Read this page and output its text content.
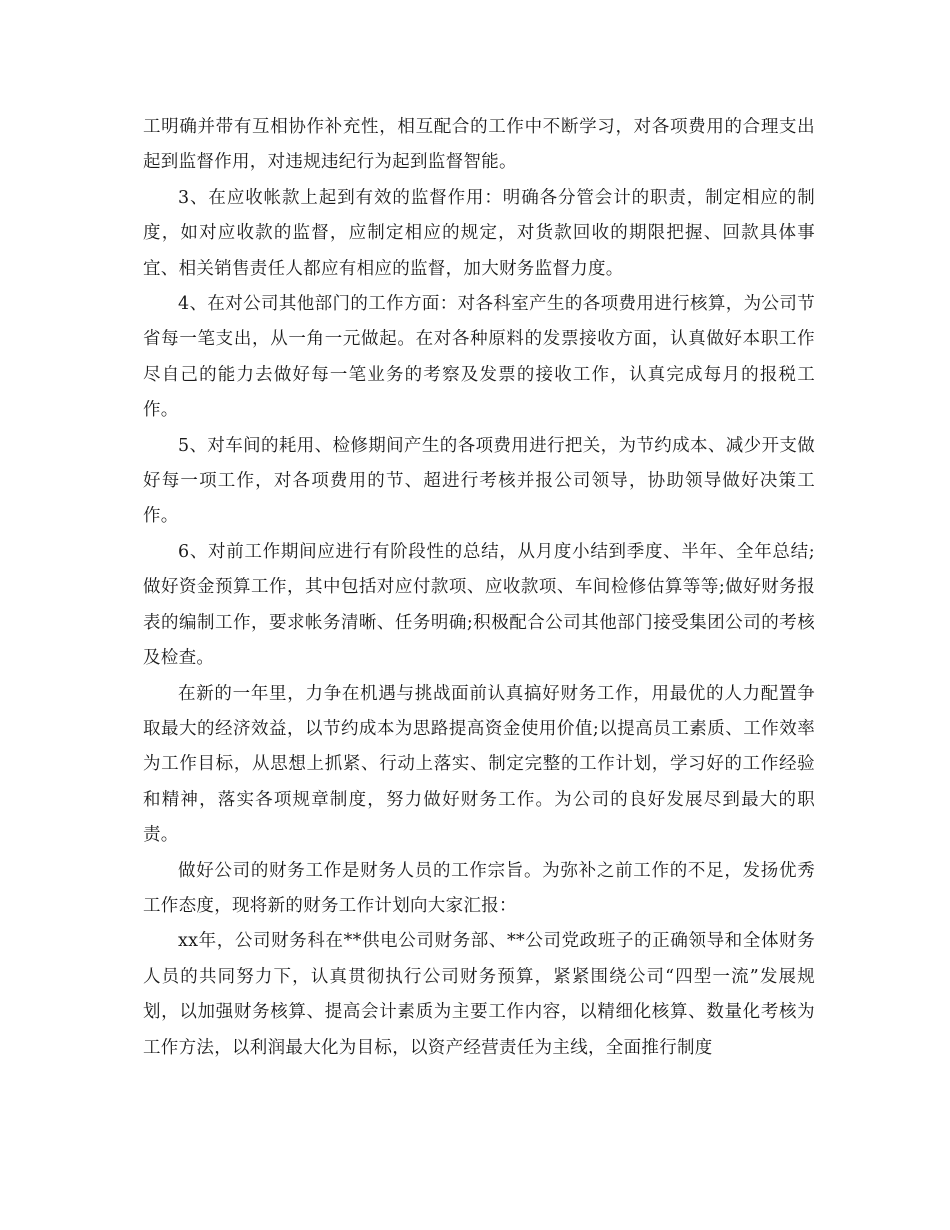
工明确并带有互相协作补充性，相互配合的工作中不断学习，对各项费用的合理支出起到监督作用，对违规违纪行为起到监督智能。

3、在应收帐款上起到有效的监督作用：明确各分管会计的职责，制定相应的制度，如对应收款的监督，应制定相应的规定，对货款回收的期限把握、回款具体事宜、相关销售责任人都应有相应的监督，加大财务监督力度。

4、在对公司其他部门的工作方面：对各科室产生的各项费用进行核算，为公司节省每一笔支出，从一角一元做起。在对各种原料的发票接收方面，认真做好本职工作尽自己的能力去做好每一笔业务的考察及发票的接收工作，认真完成每月的报税工作。

5、对车间的耗用、检修期间产生的各项费用进行把关，为节约成本、减少开支做好每一项工作，对各项费用的节、超进行考核并报公司领导，协助领导做好决策工作。

6、对前工作期间应进行有阶段性的总结，从月度小结到季度、半年、全年总结;做好资金预算工作，其中包括对应付款项、应收款项、车间检修估算等等;做好财务报表的编制工作，要求帐务清晰、任务明确;积极配合公司其他部门接受集团公司的考核及检查。

在新的一年里，力争在机遇与挑战面前认真搞好财务工作，用最优的人力配置争取最大的经济效益，以节约成本为思路提高资金使用价值;以提高员工素质、工作效率为工作目标，从思想上抓紧、行动上落实、制定完整的工作计划，学习好的工作经验和精神，落实各项规章制度，努力做好财务工作。为公司的良好发展尽到最大的职责。

做好公司的财务工作是财务人员的工作宗旨。为弥补之前工作的不足，发扬优秀工作态度，现将新的财务工作计划向大家汇报：

xx年，公司财务科在**供电公司财务部、**公司党政班子的正确领导和全体财务人员的共同努力下，认真贯彻执行公司财务预算，紧紧围绕公司“四型一流”发展规划，以加强财务核算、提高会计素质为主要工作内容，以精细化核算、数量化考核为工作方法，以利润最大化为目标，以资产经营责任为主线，全面推行制度
